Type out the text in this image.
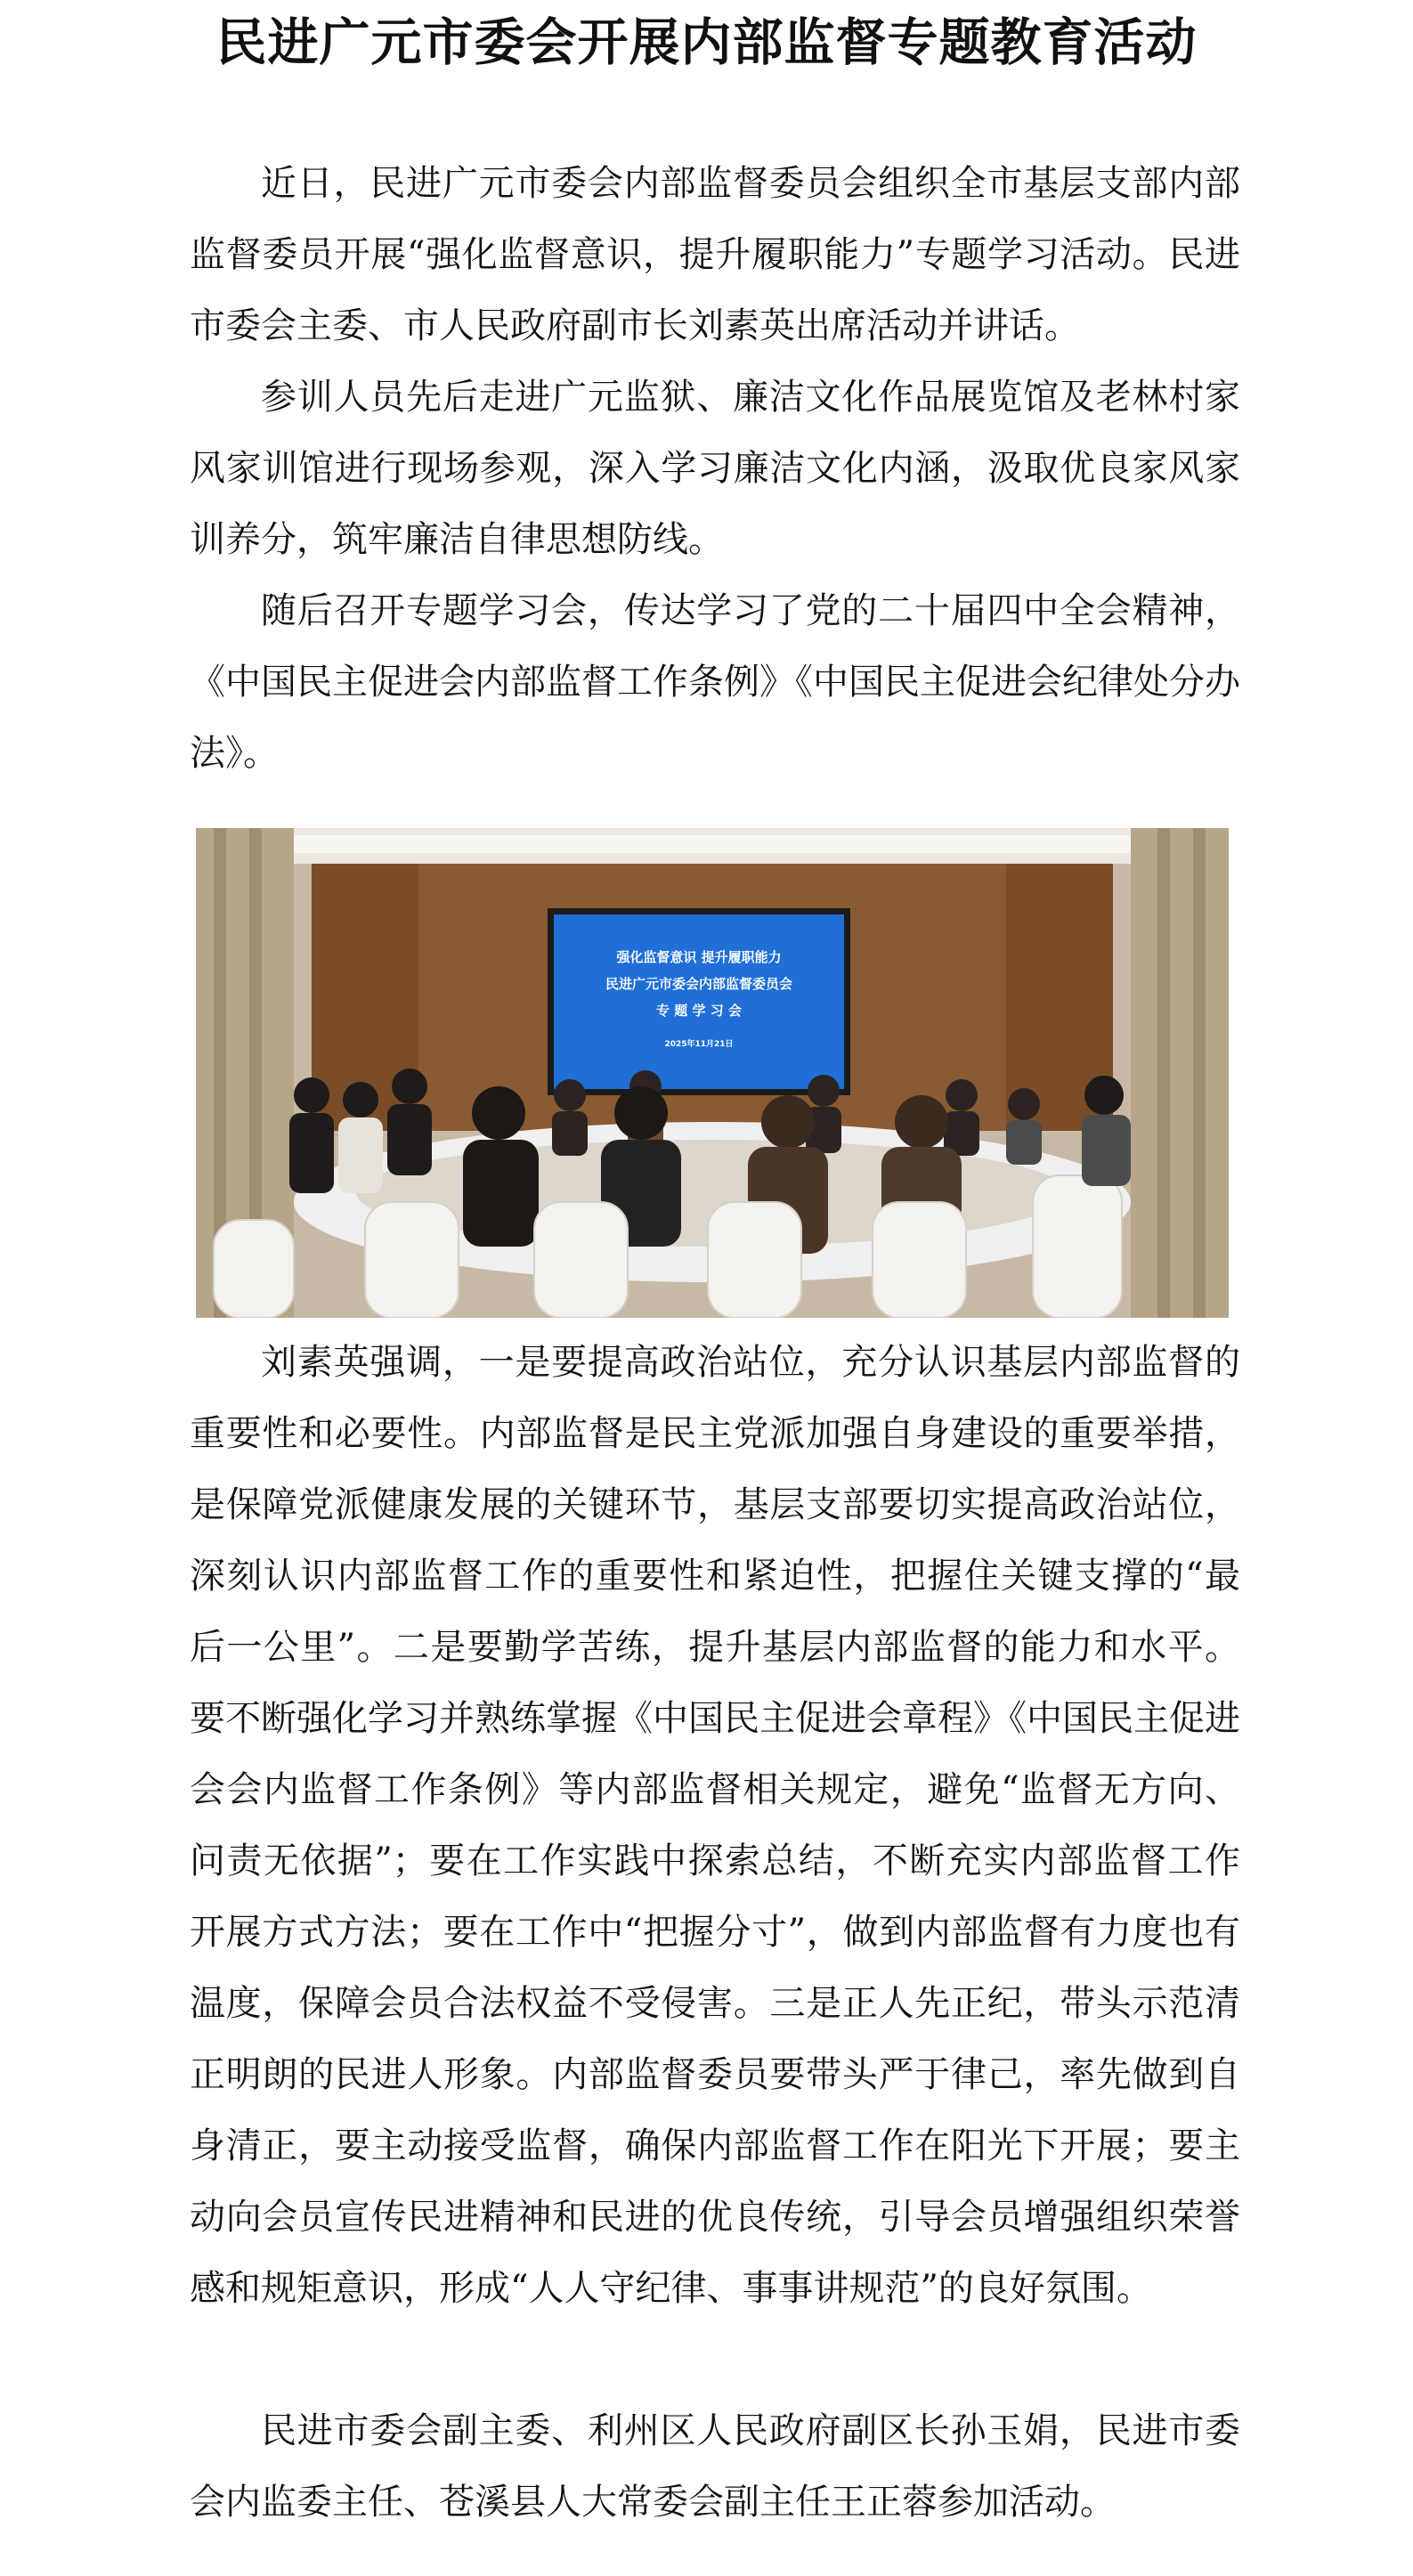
民进广元市委会开展内部监督专题教育活动

近日，民进广元市委会内部监督委员会组织全市基层支部内部监督委员开展“强化监督意识，提升履职能力”专题学习活动。民进市委会主委、市人民政府副市长刘素英出席活动并讲话。

参训人员先后走进广元监狱、廉洁文化作品展览馆及老林村家风家训馆进行现场参观，深入学习廉洁文化内涵，汲取优良家风家训养分，筑牢廉洁自律思想防线。

随后召开专题学习会，传达学习了党的二十届四中全会精神，《中国民主促进会内部监督工作条例》《中国民主促进会纪律处分办法》。

强化监督意识 提升履职能力
民进广元市委会内部监督委员会
专 题 学 习 会
2025年11月21日

刘素英强调，一是要提高政治站位，充分认识基层内部监督的重要性和必要性。内部监督是民主党派加强自身建设的重要举措，是保障党派健康发展的关键环节，基层支部要切实提高政治站位，深刻认识内部监督工作的重要性和紧迫性，把握住关键支撑的“最后一公里”。二是要勤学苦练，提升基层内部监督的能力和水平。要不断强化学习并熟练掌握《中国民主促进会章程》《中国民主促进会会内监督工作条例》等内部监督相关规定，避免“监督无方向、问责无依据”；要在工作实践中探索总结，不断充实内部监督工作开展方式方法；要在工作中“把握分寸”，做到内部监督有力度也有温度，保障会员合法权益不受侵害。三是正人先正纪，带头示范清正明朗的民进人形象。内部监督委员要带头严于律己，率先做到自身清正，要主动接受监督，确保内部监督工作在阳光下开展；要主动向会员宣传民进精神和民进的优良传统，引导会员增强组织荣誉感和规矩意识，形成“人人守纪律、事事讲规范”的良好氛围。

民进市委会副主委、利州区人民政府副区长孙玉娟，民进市委会内监委主任、苍溪县人大常委会副主任王正蓉参加活动。
